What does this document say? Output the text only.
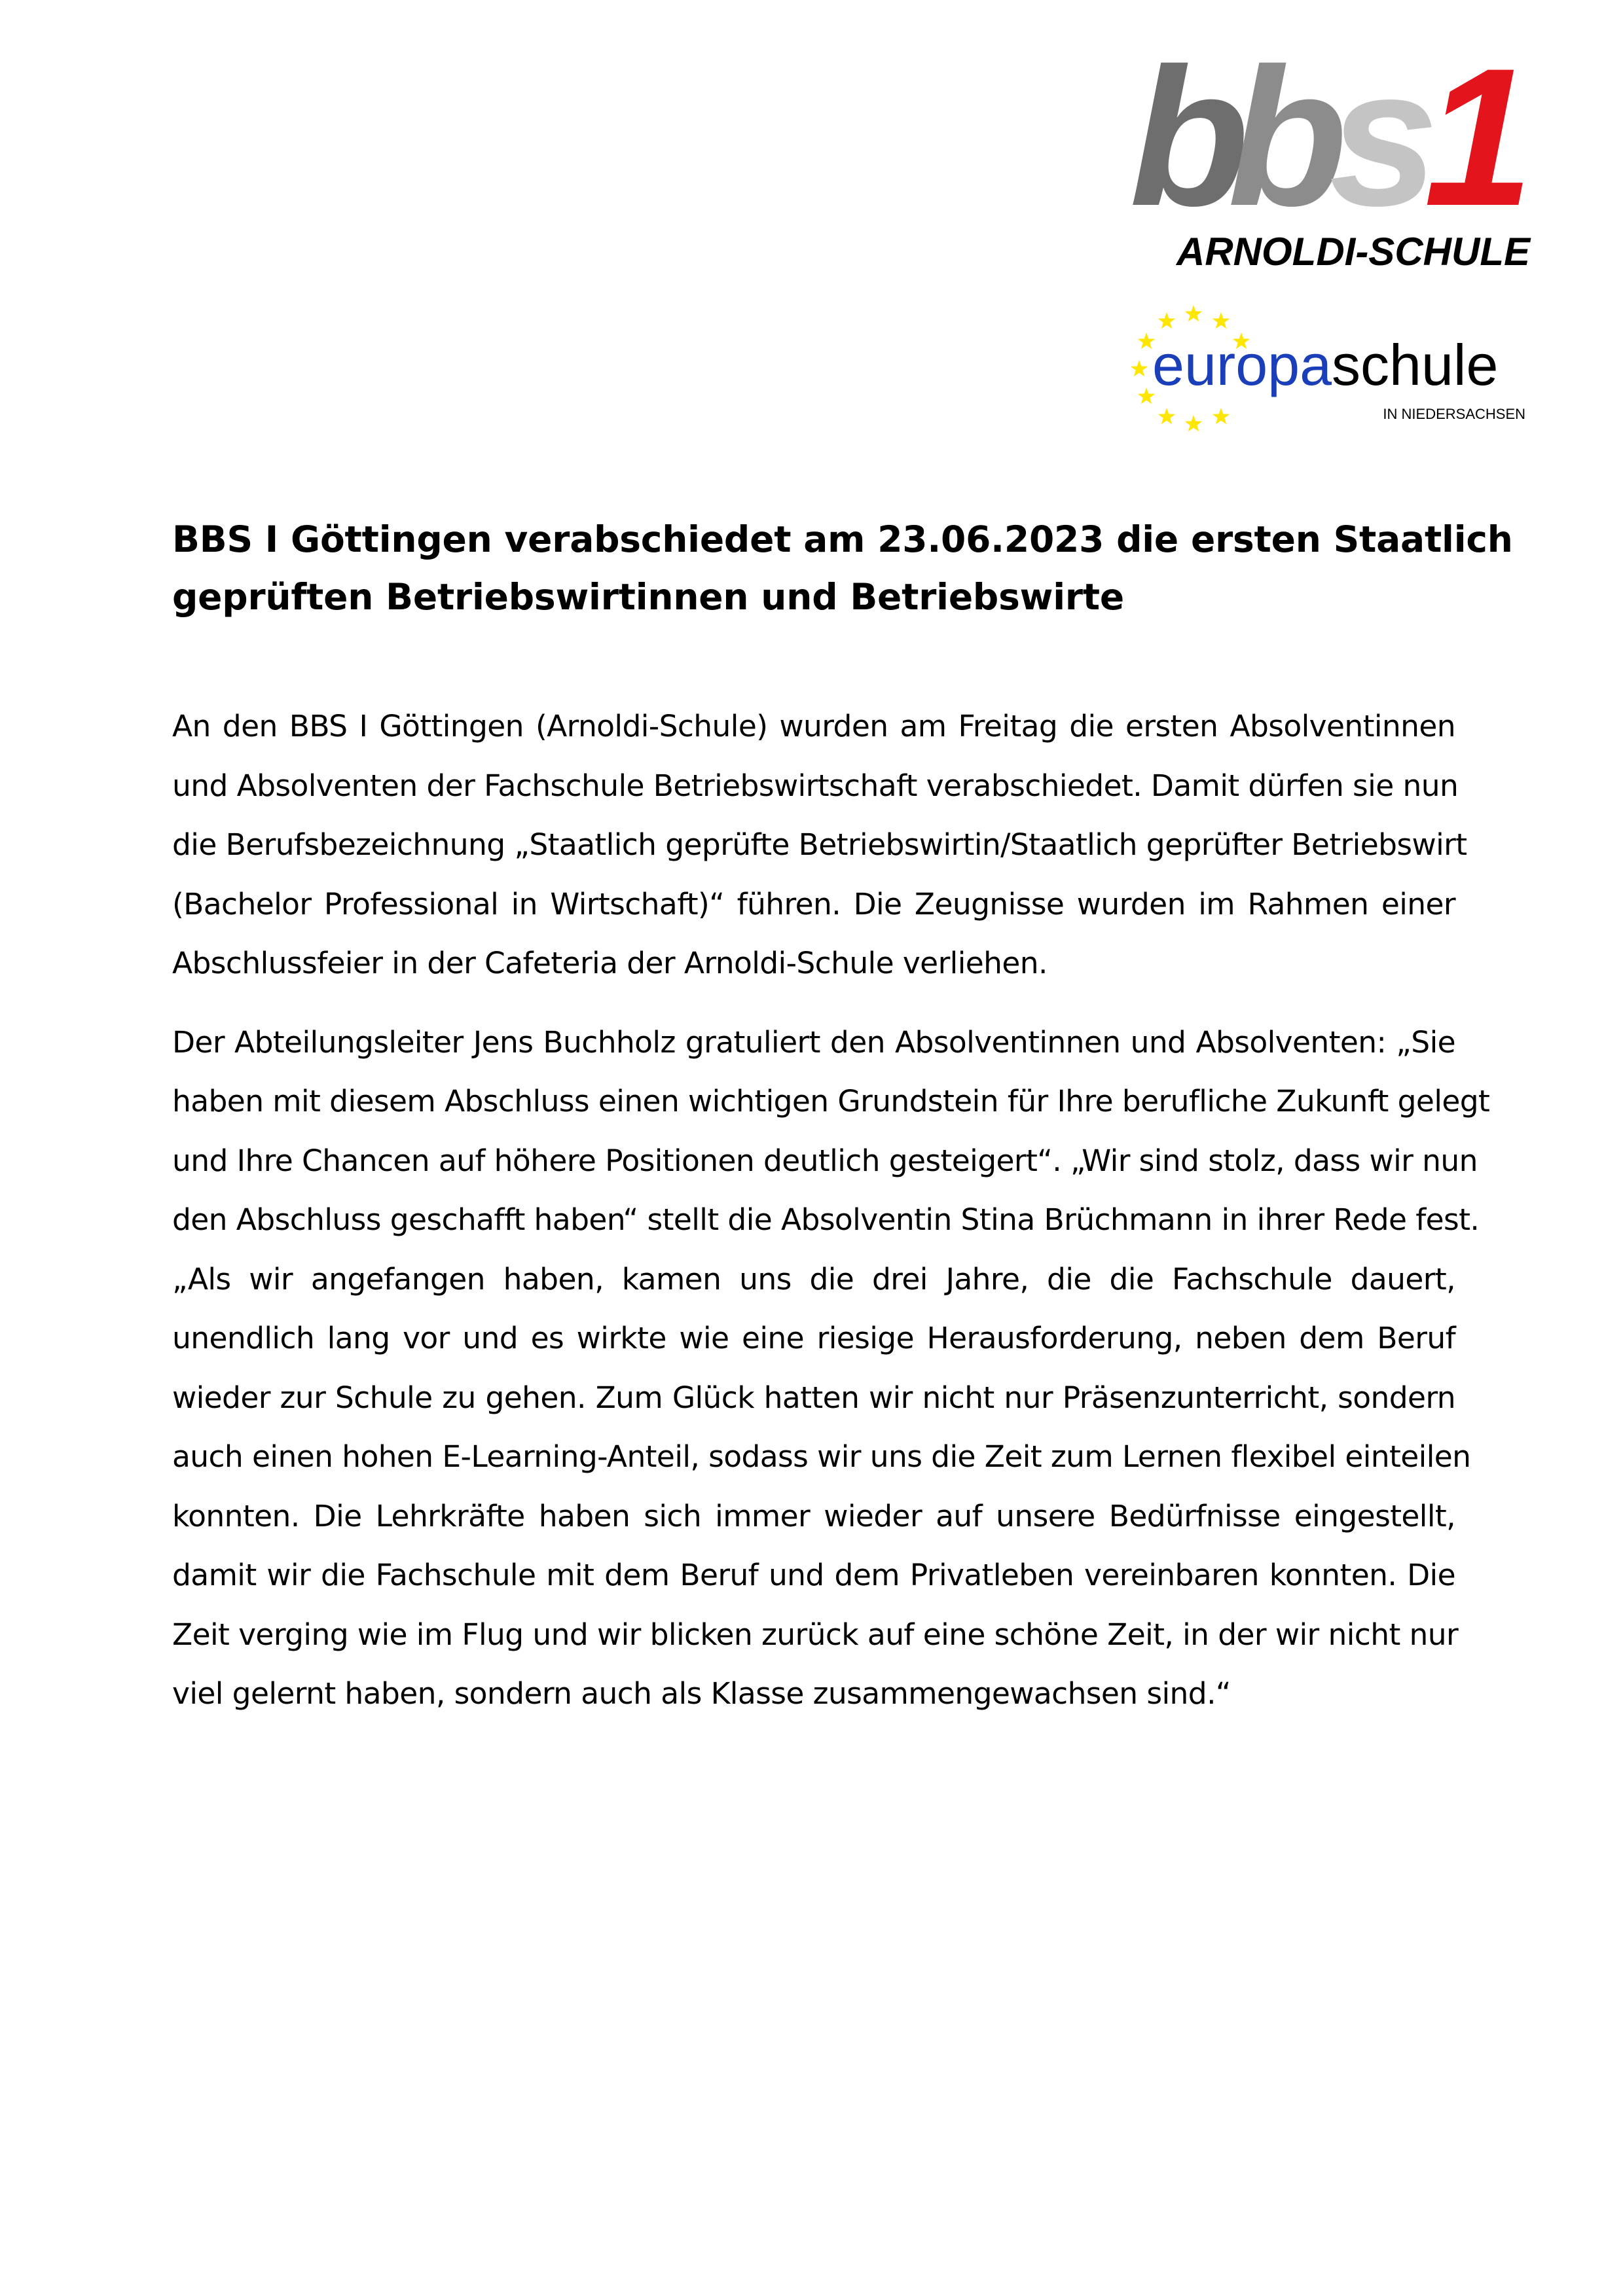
b
b s 1
ARNOLDI-SCHULE
europaschule
IN NIEDERSACHSEN
BBS I Göttingen verabschiedet am 23.06.2023 die ersten Staatlich
geprüften Betriebswirtinnen und Betriebswirte

An den BBS I Göttingen (Arnoldi-Schule) wurden am Freitag die ersten Absolventinnen
und Absolventen der Fachschule Betriebswirtschaft verabschiedet. Damit dürfen sie nun
die Berufsbezeichnung „Staatlich geprüfte Betriebswirtin/Staatlich geprüfter Betriebswirt
(Bachelor Professional in Wirtschaft)“ führen. Die Zeugnisse wurden im Rahmen einer
Abschlussfeier in der Cafeteria der Arnoldi-Schule verliehen.

Der Abteilungsleiter Jens Buchholz gratuliert den Absolventinnen und Absolventen: „Sie
haben mit diesem Abschluss einen wichtigen Grundstein für Ihre berufliche Zukunft gelegt
und Ihre Chancen auf höhere Positionen deutlich gesteigert“. „Wir sind stolz, dass wir nun
den Abschluss geschafft haben“ stellt die Absolventin Stina Brüchmann in ihrer Rede fest.
„Als wir angefangen haben, kamen uns die drei Jahre, die die Fachschule dauert,
unendlich lang vor und es wirkte wie eine riesige Herausforderung, neben dem Beruf
wieder zur Schule zu gehen. Zum Glück hatten wir nicht nur Präsenzunterricht, sondern
auch einen hohen E-Learning-Anteil, sodass wir uns die Zeit zum Lernen flexibel einteilen
konnten. Die Lehrkräfte haben sich immer wieder auf unsere Bedürfnisse eingestellt,
damit wir die Fachschule mit dem Beruf und dem Privatleben vereinbaren konnten. Die
Zeit verging wie im Flug und wir blicken zurück auf eine schöne Zeit, in der wir nicht nur
viel gelernt haben, sondern auch als Klasse zusammengewachsen sind.“
